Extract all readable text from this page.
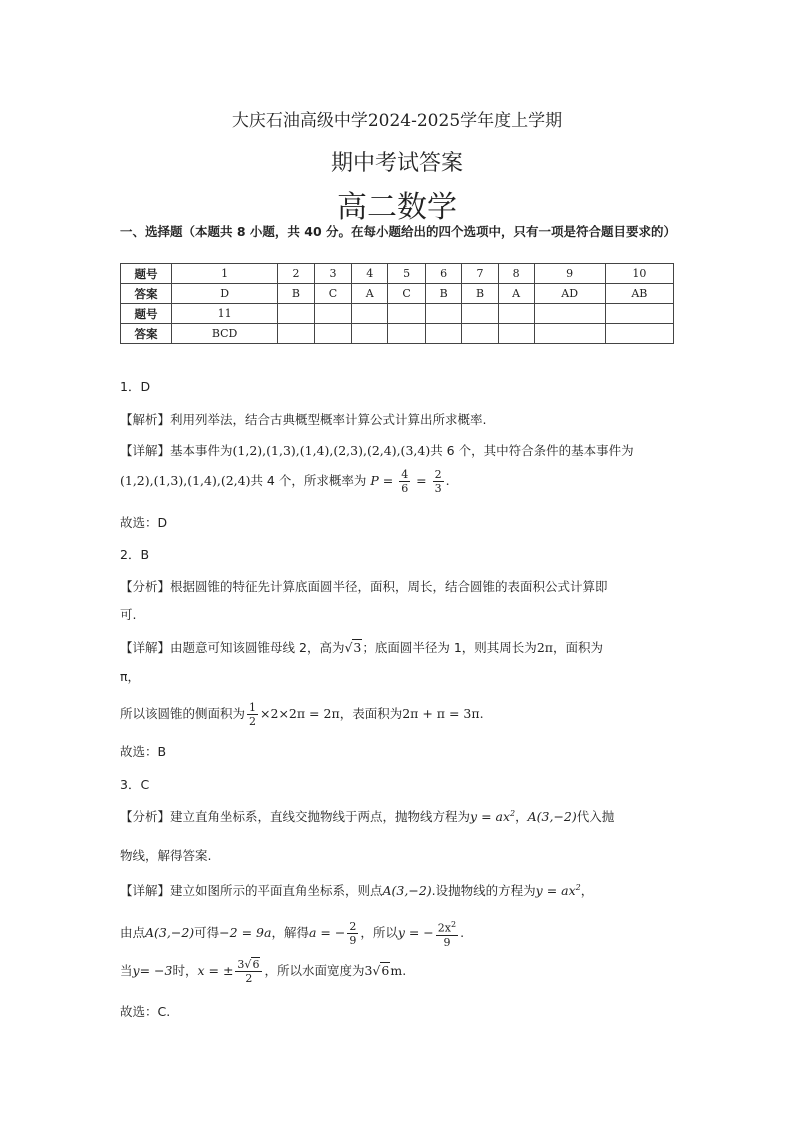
大庆石油高级中学2024-2025学年度上学期
期中考试答案
高二数学
一、选择题（本题共 8 小题，共 40 分。在每小题给出的四个选项中，只有一项是符合题目要求的）
题号	1	2	3	4	5	6	7	8	9	10
答案	D	B	C	A	C	B	B	A	AD	AB
题号	11									
答案	BCD									
1．D
【解析】利用列举法，结合古典概型概率计算公式计算出所求概率.
【详解】基本事件为(1,2),(1,3),(1,4),(2,3),(2,4),(3,4)共 6 个，其中符合条件的基本事件为
(1,2),(1,3),(1,4),(2,4)共 4 个，所求概率为 $P = \frac{4}{6} = \frac{2}{3}$ .
故选：D
2．B
【分析】根据圆锥的特征先计算底面圆半径，面积，周长，结合圆锥的表面积公式计算即
可.
【详解】由题意可知该圆锥母线 2，高为√3；底面圆半径为 1，则其周长为2π，面积为
π，
所以该圆锥的侧面积为 $\frac{1}{2} \times 2\times 2\pi = 2\pi$，表面积为2π + π = 3π.
故选：B
3．C
【分析】建立直角坐标系，直线交抛物线于两点，抛物线方程为$y = ax^2$，A(3,−2)代入抛
物线，解得答案.
【详解】建立如图所示的平面直角坐标系，则点A(3,−2).设抛物线的方程为$y = ax^2$，
由点A(3,−2)可得−2 = 9a，解得a = − $\frac{2}{9}$ ，所以y = − $\frac{2x^2}{9}$ .
当y= −3时，x = ± $\frac{3√6}{2}$ ，所以水面宽度为3√6m.
故选：C.
